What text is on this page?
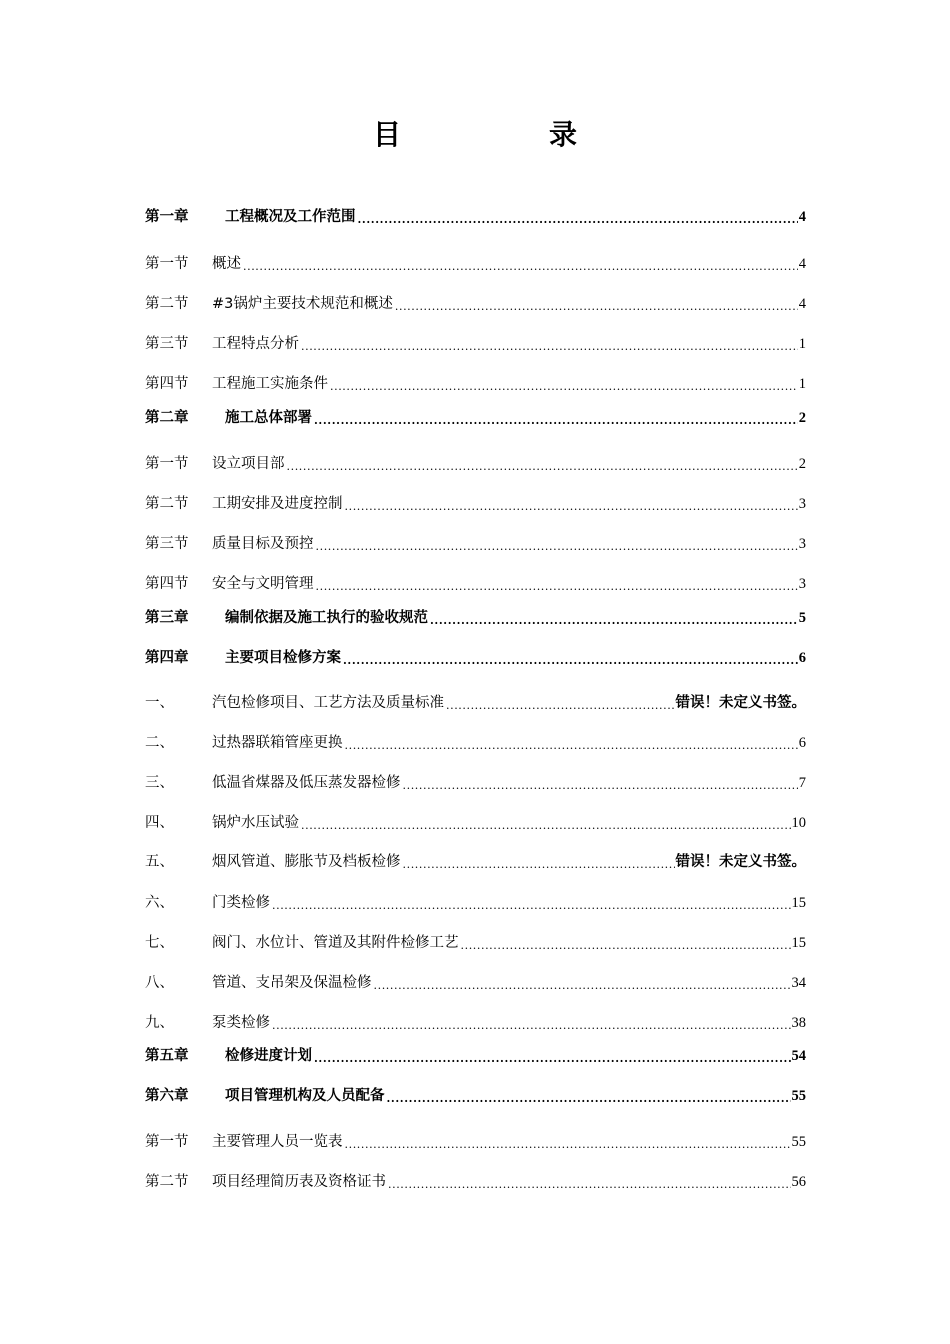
目　录
第一章	工程概况及工作范围 .....	4
第一节	概述 .....	4
第二节	#3锅炉主要技术规范和概述 .....	4
第三节	工程特点分析 .....	1
第四节	工程施工实施条件 .....	1
第二章	施工总体部署 .....	2
第一节	设立项目部 .....	2
第二节	工期安排及进度控制 .....	3
第三节	质量目标及预控 .....	3
第四节	安全与文明管理 .....	3
第三章	编制依据及施工执行的验收规范 .....	5
第四章	主要项目检修方案 .....	6
一、	汽包检修项目、工艺方法及质量标准 .....	错误！未定义书签。
二、	过热器联箱管座更换 .....	6
三、	低温省煤器及低压蒸发器检修 .....	7
四、	锅炉水压试验 .....	10
五、	烟风管道、膨胀节及档板检修 .....	错误！未定义书签。
六、	门类检修 .....	15
七、	阀门、水位计、管道及其附件检修工艺 .....	15
八、	管道、支吊架及保温检修 .....	34
九、	泵类检修 .....	38
第五章	检修进度计划 .....	54
第六章	项目管理机构及人员配备 .....	55
第一节	主要管理人员一览表 .....	55
第二节	项目经理简历表及资格证书 .....	56
